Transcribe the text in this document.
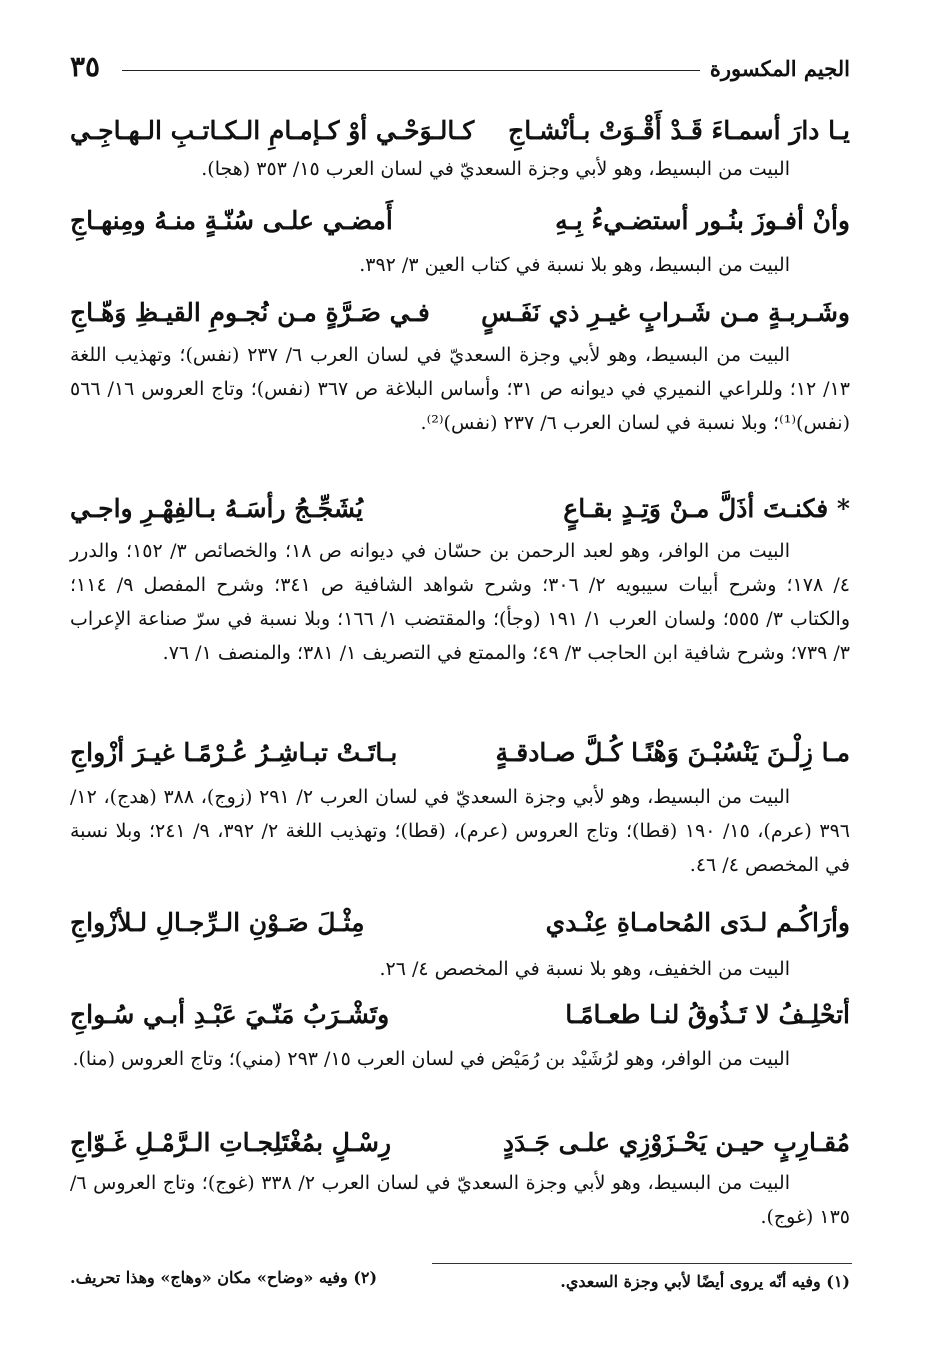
الجيم المكسورة
٣٥
يـا دارَ أسمـاءَ قَـدْ أَقْـوَتْ بـأنْشـاجِ
كـالـوَحْـي أوْ كـإمـامِ الـكـاتـبِ الـهـاجِـي
البيت من البسيط، وهو لأبي وجزة السعديّ في لسان العرب ١٥/ ٣٥٣ (هجا).
وأنْ أفـوزَ بنُـور أستضـيءُ بِـهِ
أَمضـي علـى سُنّـةٍ منـهُ ومِنهـاجِ
البيت من البسيط، وهو بلا نسبة في كتاب العين ٣/ ٣٩٢.
وشَـربـةٍ مـن شَـرابٍ غيـرِ ذي نَفَـسٍ
فـي صَـرَّةٍ مـن نُجـومِ القيـظِ وَهّـاجِ
البيت من البسيط، وهو لأبي وجزة السعديّ في لسان العرب ٦/ ٢٣٧ (نفس)؛ وتهذيب اللغة ١٣/ ١٢؛ وللراعي النميري في ديوانه ص ٣١؛ وأساس البلاغة ص ٣٦٧ (نفس)؛ وتاج العروس ١٦/ ٥٦٦ (نفس)⁽¹⁾؛ وبلا نسبة في لسان العرب ٦/ ٢٣٧ (نفس)⁽²⁾.
* فكنـتَ أذَلَّ مـنْ وَتِـدٍ بقـاعٍ
يُشَجِّـجُ رأسَـهُ بـالفِهْـرِ واجـي
البيت من الوافر، وهو لعبد الرحمن بن حسّان في ديوانه ص ١٨؛ والخصائص ٣/ ١٥٢؛ والدرر ٤/ ١٧٨؛ وشرح أبيات سيبويه ٢/ ٣٠٦؛ وشرح شواهد الشافية ص ٣٤١؛ وشرح المفصل ٩/ ١١٤؛ والكتاب ٣/ ٥٥٥؛ ولسان العرب ١/ ١٩١ (وجأ)؛ والمقتضب ١/ ١٦٦؛ وبلا نسبة في سرّ صناعة الإعراب ٣/ ٧٣٩؛ وشرح شافية ابن الحاجب ٣/ ٤٩؛ والممتع في التصريف ١/ ٣٨١؛ والمنصف ١/ ٧٦.
مـا زِلْـنَ يَنْسُبْـنَ وَهْنًـا كُـلَّ صـادقـةٍ
بـاتَـتْ تبـاشِـرُ عُـرْمًـا غيـرَ أزْواجِ
البيت من البسيط، وهو لأبي وجزة السعديّ في لسان العرب ٢/ ٢٩١ (زوج)، ٣٨٨ (هدج)، ١٢/ ٣٩٦ (عرم)، ١٥/ ١٩٠ (قطا)؛ وتاج العروس (عرم)، (قطا)؛ وتهذيب اللغة ٢/ ٣٩٢، ٩/ ٢٤١؛ وبلا نسبة في المخصص ٤/ ٤٦.
وأرَاكُـم لـدَى المُحامـاةِ عِنْـدي
مِثْـلَ صَـوْنِ الـرِّجـالِ لـلأزْواجِ
البيت من الخفيف، وهو بلا نسبة في المخصص ٤/ ٢٦.
أتحْلِـفُ لا تَـذُوقُ لنـا طعـامًـا
وتَشْـرَبُ مَنّـيَ عَبْـدِ أبـي سُـواجِ
البيت من الوافر، وهو لرُشَيْد بن رُمَيْض في لسان العرب ١٥/ ٢٩٣ (مني)؛ وتاج العروس (منا).
مُقـارِبٍ حيـن يَحْـزَوْزِي علـى جَـدَدٍ
رِسْـلٍ بمُغْتَلِجـاتِ الـرَّمْـلِ غَـوّاجِ
البيت من البسيط، وهو لأبي وجزة السعديّ في لسان العرب ٢/ ٣٣٨ (غوج)؛ وتاج العروس ٦/ ١٣٥ (غوج).
(١) وفيه أنّه يروى أيضًا لأبي وجزة السعدي.
(٢) وفيه «وضاح» مكان «وهاج» وهذا تحريف.
